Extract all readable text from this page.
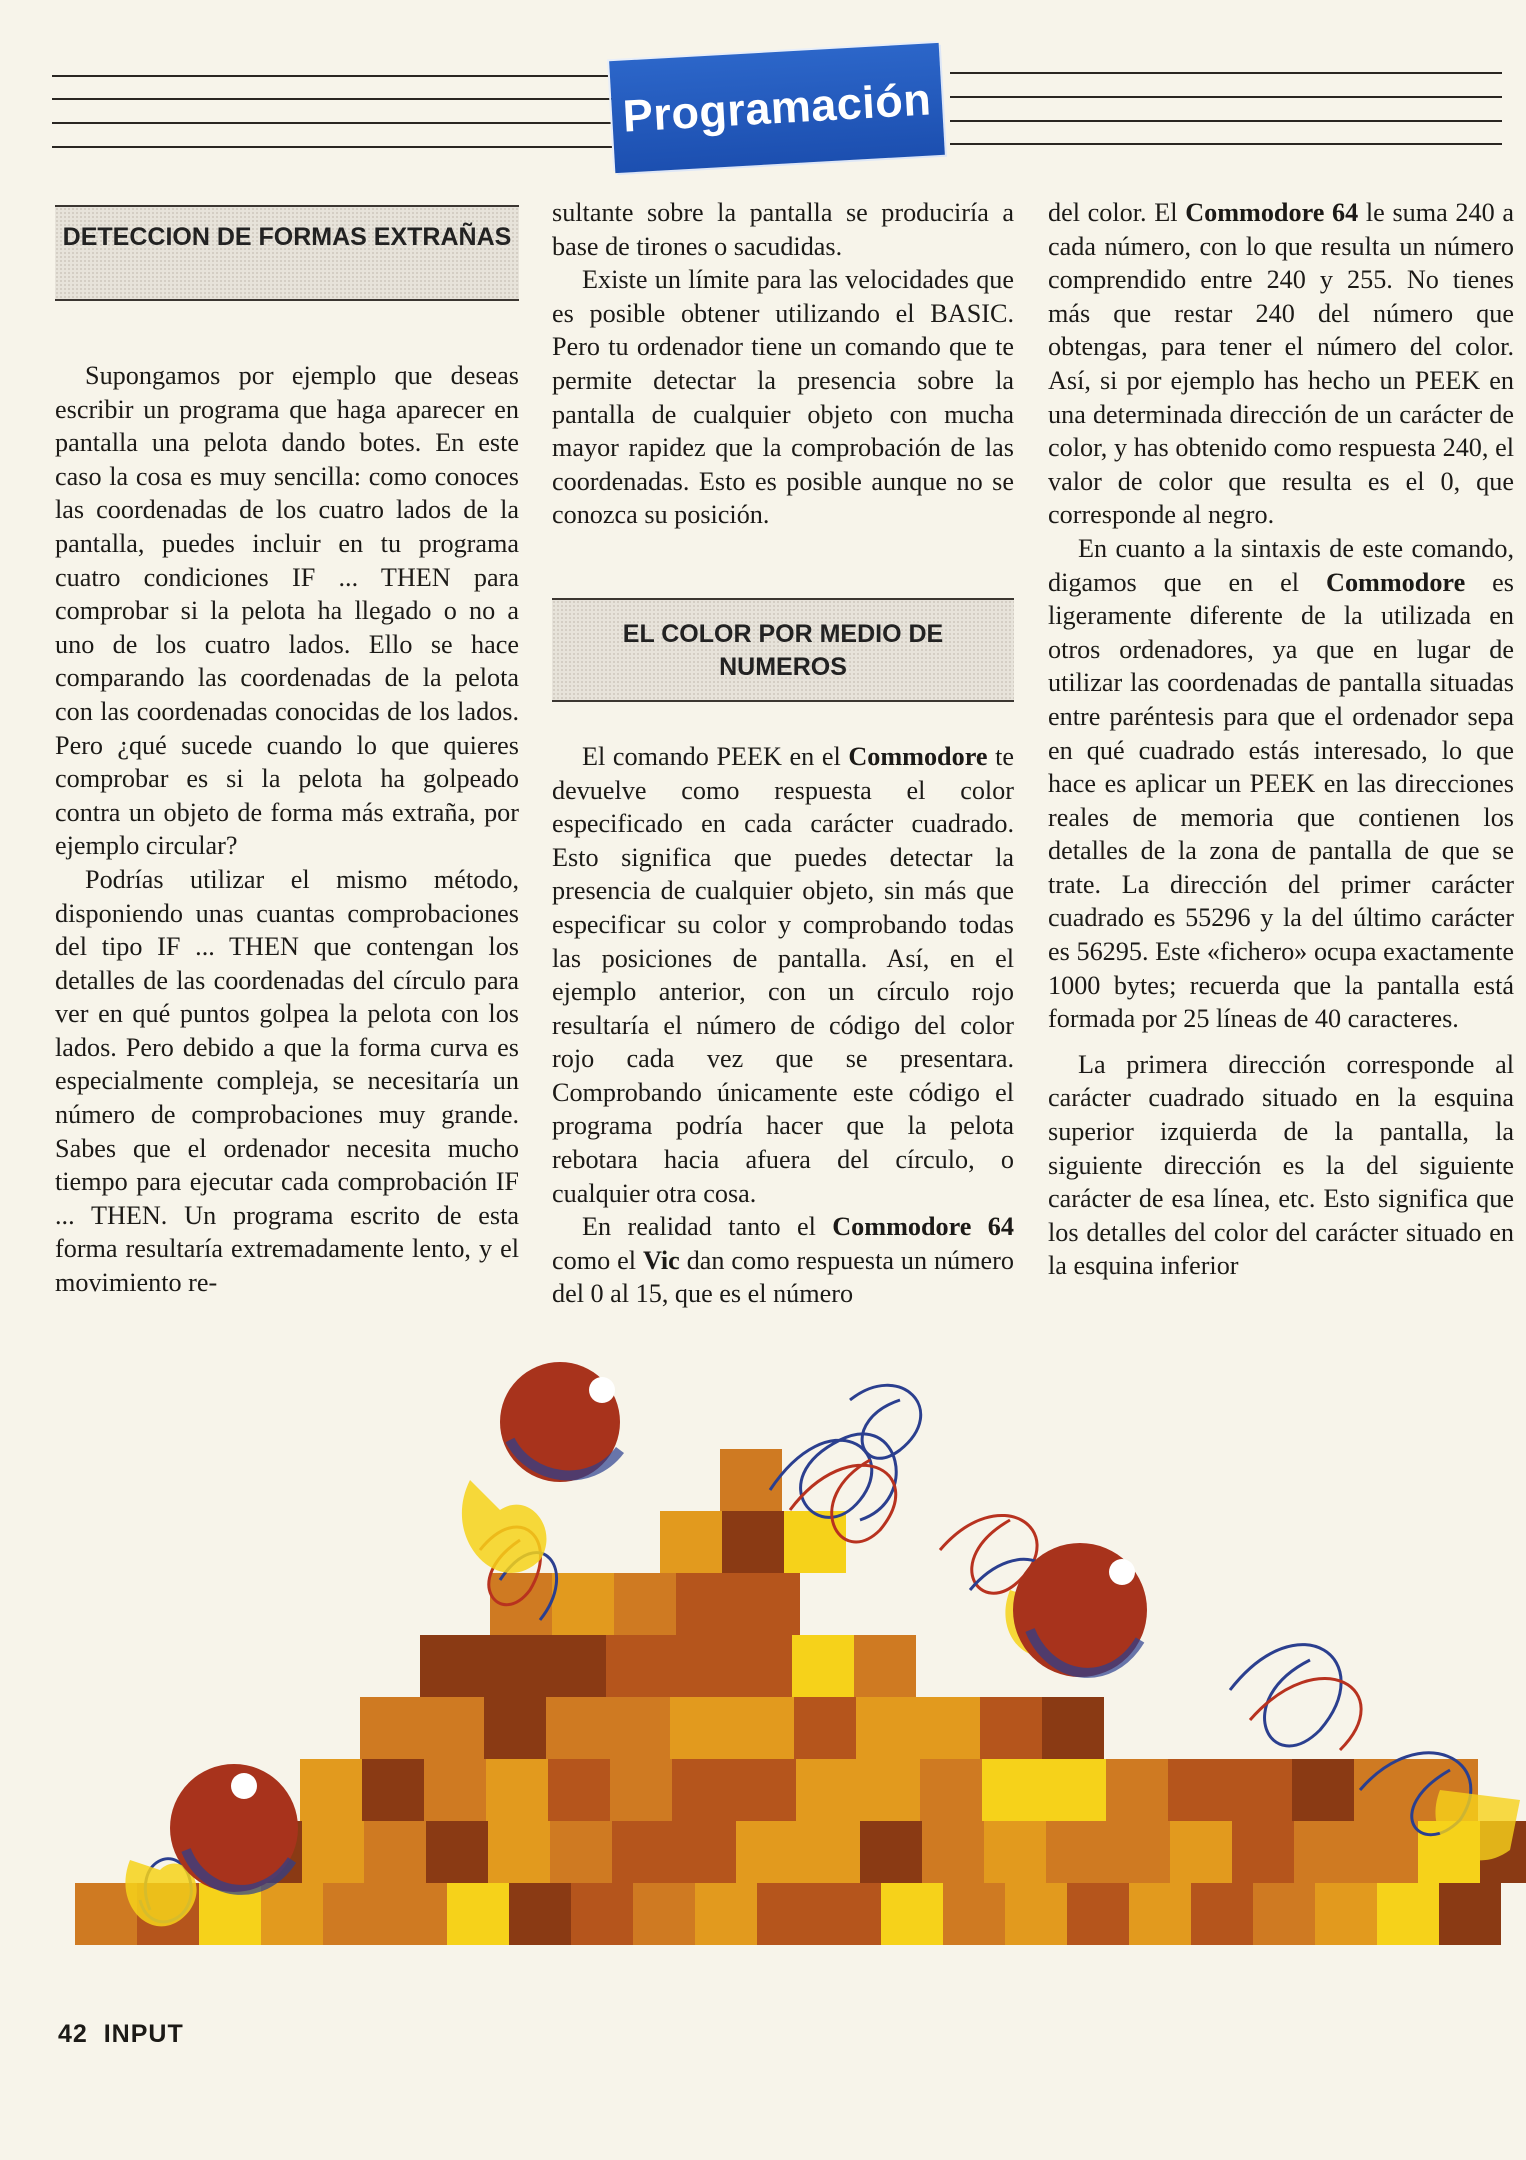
Programación
DETECCION DE FORMAS EXTRAÑAS

Supongamos por ejemplo que deseas escribir un programa que haga aparecer en pantalla una pelota dando botes. En este caso la cosa es muy sencilla: como conoces las coordenadas de los cuatro lados de la pantalla, puedes incluir en tu programa cuatro condiciones IF ... THEN para comprobar si la pelota ha llegado o no a uno de los cuatro lados. Ello se hace comparando las coordenadas de la pelota con las coordenadas conocidas de los lados. Pero ¿qué sucede cuando lo que quieres comprobar es si la pelota ha golpeado contra un objeto de forma más extraña, por ejemplo circular?

Podrías utilizar el mismo método, disponiendo unas cuantas comprobaciones del tipo IF ... THEN que contengan los detalles de las coordenadas del círculo para ver en qué puntos golpea la pelota con los lados. Pero debido a que la forma curva es especialmente compleja, se necesitaría un número de comprobaciones muy grande. Sabes que el ordenador necesita mucho tiempo para ejecutar cada comprobación IF ... THEN. Un programa escrito de esta forma resultaría extremadamente lento, y el movimiento re-

sultante sobre la pantalla se produciría a base de tirones o sacudidas.

Existe un límite para las velocidades que es posible obtener utilizando el BASIC. Pero tu ordenador tiene un comando que te permite detectar la presencia sobre la pantalla de cualquier objeto con mucha mayor rapidez que la comprobación de las coordenadas. Esto es posible aunque no se conozca su posición.

EL COLOR POR MEDIO DE NUMEROS

El comando PEEK en el Commodore te devuelve como respuesta el color especificado en cada carácter cuadrado. Esto significa que puedes detectar la presencia de cualquier objeto, sin más que especificar su color y comprobando todas las posiciones de pantalla. Así, en el ejemplo anterior, con un círculo rojo resultaría el número de código del color rojo cada vez que se presentara. Comprobando únicamente este código el programa podría hacer que la pelota rebotara hacia afuera del círculo, o cualquier otra cosa.

En realidad tanto el Commodore 64 como el Vic dan como respuesta un número del 0 al 15, que es el número

del color. El Commodore 64 le suma 240 a cada número, con lo que resulta un número comprendido entre 240 y 255. No tienes más que restar 240 del número que obtengas, para tener el número del color. Así, si por ejemplo has hecho un PEEK en una determinada dirección de un carácter de color, y has obtenido como respuesta 240, el valor de color que resulta es el 0, que corresponde al negro.

En cuanto a la sintaxis de este comando, digamos que en el Commodore es ligeramente diferente de la utilizada en otros ordenadores, ya que en lugar de utilizar las coordenadas de pantalla situadas entre paréntesis para que el ordenador sepa en qué cuadrado estás interesado, lo que hace es aplicar un PEEK en las direcciones reales de memoria que contienen los detalles de la zona de pantalla de que se trate. La dirección del primer carácter cuadrado es 55296 y la del último carácter es 56295. Este «fichero» ocupa exactamente 1000 bytes; recuerda que la pantalla está formada por 25 líneas de 40 caracteres.

La primera dirección corresponde al carácter cuadrado situado en la esquina superior izquierda de la pantalla, la siguiente dirección es la del siguiente carácter de esa línea, etc. Esto significa que los detalles del color del carácter situado en la esquina inferior

42 INPUT
